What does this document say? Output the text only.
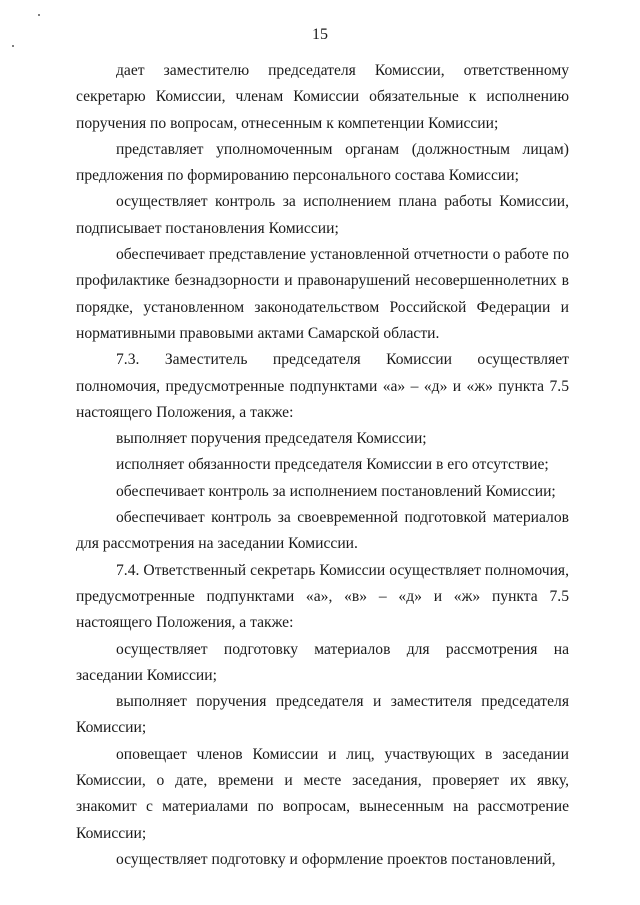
15

дает заместителю председателя Комиссии, ответственному секретарю Комиссии, членам Комиссии обязательные к исполнению поручения по вопросам, отнесенным к компетенции Комиссии;

представляет уполномоченным органам (должностным лицам) предложения по формированию персонального состава Комиссии;

осуществляет контроль за исполнением плана работы Комиссии, подписывает постановления Комиссии;

обеспечивает представление установленной отчетности о работе по профилактике безнадзорности и правонарушений несовершеннолетних в порядке, установленном законодательством Российской Федерации и нормативными правовыми актами Самарской области.

7.3. Заместитель председателя Комиссии осуществляет полномочия, предусмотренные подпунктами «а» – «д» и «ж» пункта 7.5 настоящего Положения, а также:

выполняет поручения председателя Комиссии;

исполняет обязанности председателя Комиссии в его отсутствие;

обеспечивает контроль за исполнением постановлений Комиссии;

обеспечивает контроль за своевременной подготовкой материалов для рассмотрения на заседании Комиссии.

7.4. Ответственный секретарь Комиссии осуществляет полномочия, предусмотренные подпунктами «а», «в» – «д» и «ж» пункта 7.5 настоящего Положения, а также:

осуществляет подготовку материалов для рассмотрения на заседании Комиссии;

выполняет поручения председателя и заместителя председателя Комиссии;

оповещает членов Комиссии и лиц, участвующих в заседании Комиссии, о дате, времени и месте заседания, проверяет их явку, знакомит с материалами по вопросам, вынесенным на рассмотрение Комиссии;

осуществляет подготовку и оформление проектов постановлений,
